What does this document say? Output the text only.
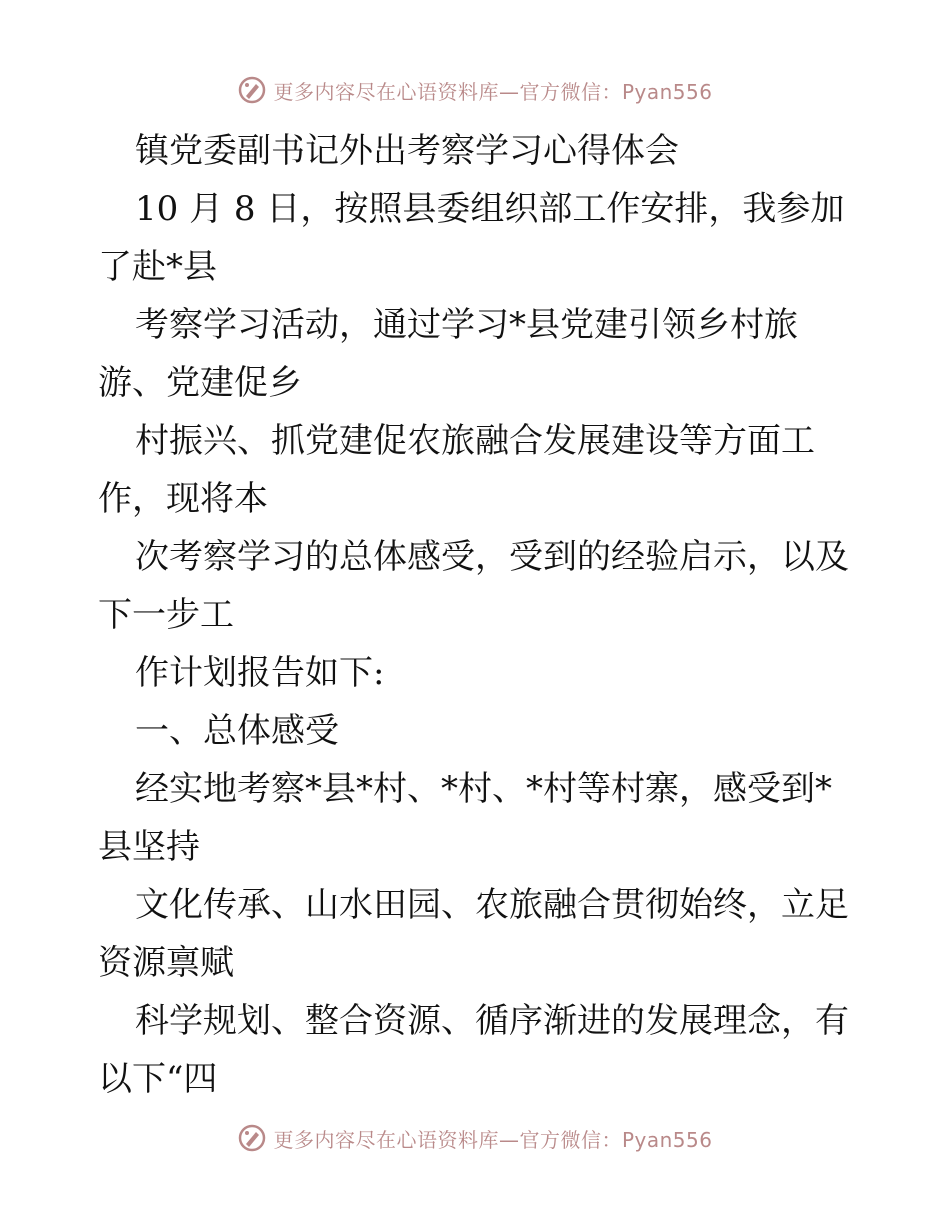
更多内容尽在心语资料库—官方微信：Pyan556
镇党委副书记外出考察学习心得体会
10 月 8 日，按照县委组织部工作安排，我参加
了赴*县
考察学习活动，通过学习*县党建引领乡村旅
游、党建促乡
村振兴、抓党建促农旅融合发展建设等方面工
作，现将本
次考察学习的总体感受，受到的经验启示，以及
下一步工
作计划报告如下:
一、总体感受
经实地考察*县*村、*村、*村等村寨，感受到*
县坚持
文化传承、山水田园、农旅融合贯彻始终，立足
资源禀赋
科学规划、整合资源、循序渐进的发展理念，有
以下“四
更多内容尽在心语资料库—官方微信：Pyan556
